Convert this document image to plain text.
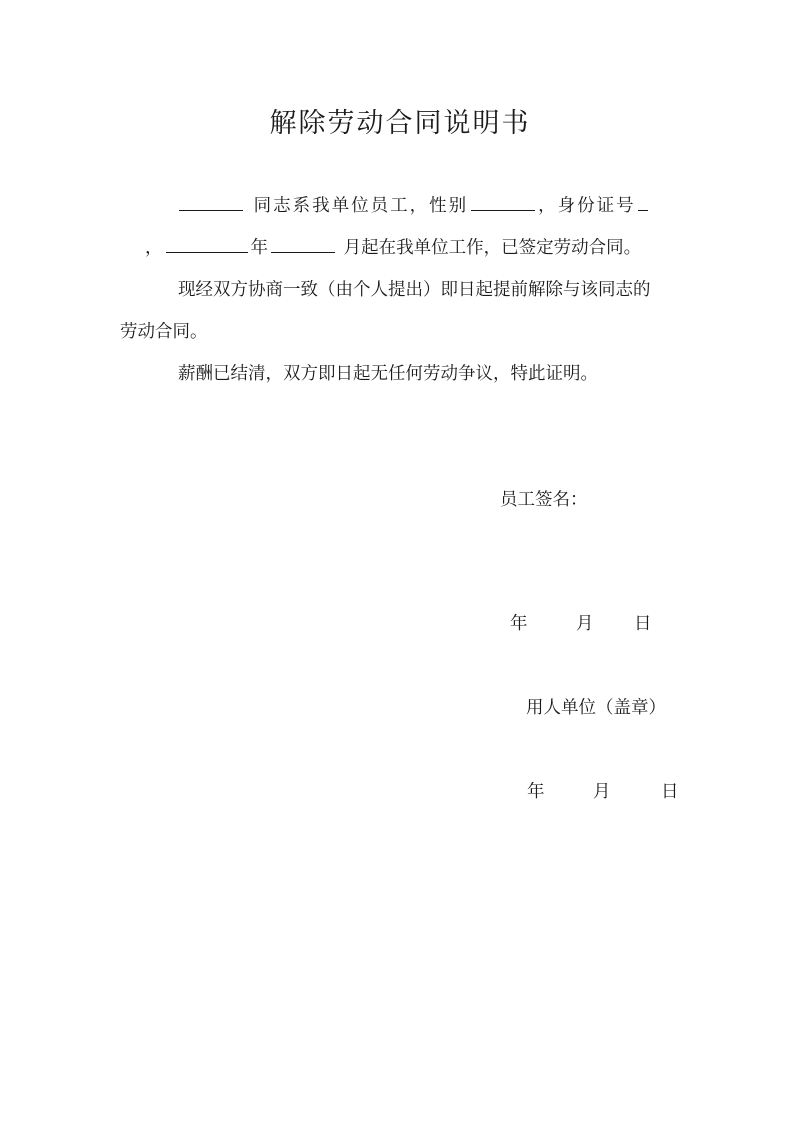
解除劳动合同说明书
同志系我单位员工，性别	，身份证号
，	年	月起在我单位工作，已签定劳动合同。
现经双方协商一致（由个人提出）即日起提前解除与该同志的
劳动合同。
薪酬已结清，双方即日起无任何劳动争议，特此证明。
员工签名：
年	月 日
用人单位（盖章）
年	月	日
